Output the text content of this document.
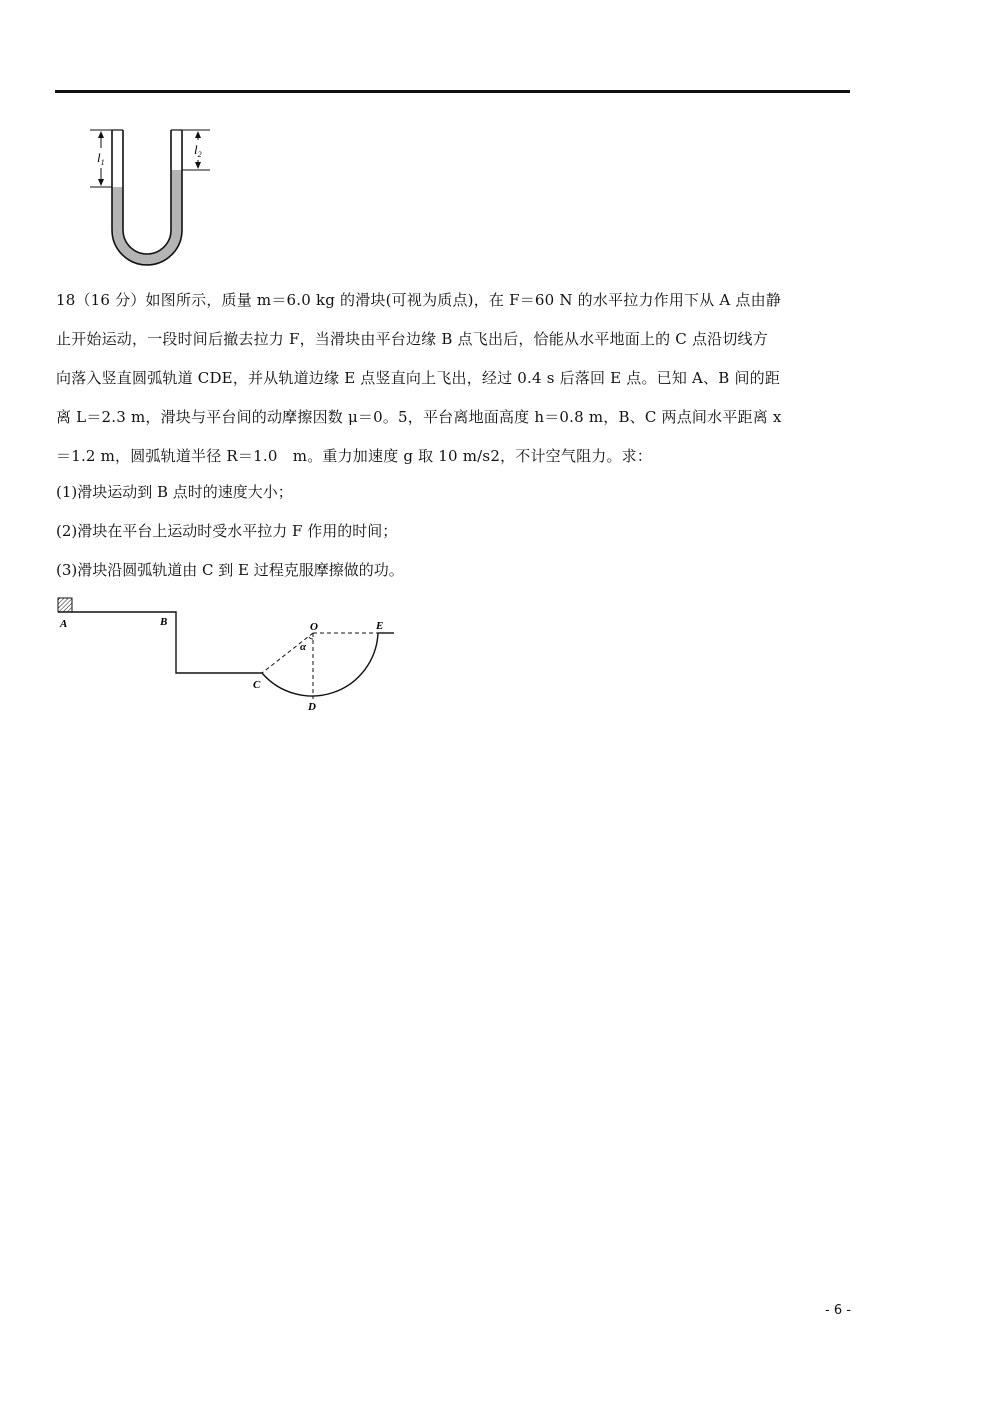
$l_1$
$l_2$
18（16 分）如图所示，质量 m＝6.0 kg 的滑块(可视为质点)，在 F＝60 N 的水平拉力作用下从 A 点由静
止开始运动，一段时间后撤去拉力 F，当滑块由平台边缘 B 点飞出后，恰能从水平地面上的 C 点沿切线方
向落入竖直圆弧轨道 CDE，并从轨道边缘 E 点竖直向上飞出，经过 0.4 s 后落回 E 点。已知 A、B 间的距
离 L＝2.3 m，滑块与平台间的动摩擦因数 μ＝0。5，平台离地面高度 h＝0.8 m，B、C 两点间水平距离 x
＝1.2 m，圆弧轨道半径 R＝1.0　m。重力加速度 g 取 10 m/s2，不计空气阻力。求：
(1)滑块运动到 B 点时的速度大小；
(2)滑块在平台上运动时受水平拉力 F 作用的时间；
(3)滑块沿圆弧轨道由 C 到 E 过程克服摩擦做的功。
A	B
C
D
E
O
α
- 6 -
